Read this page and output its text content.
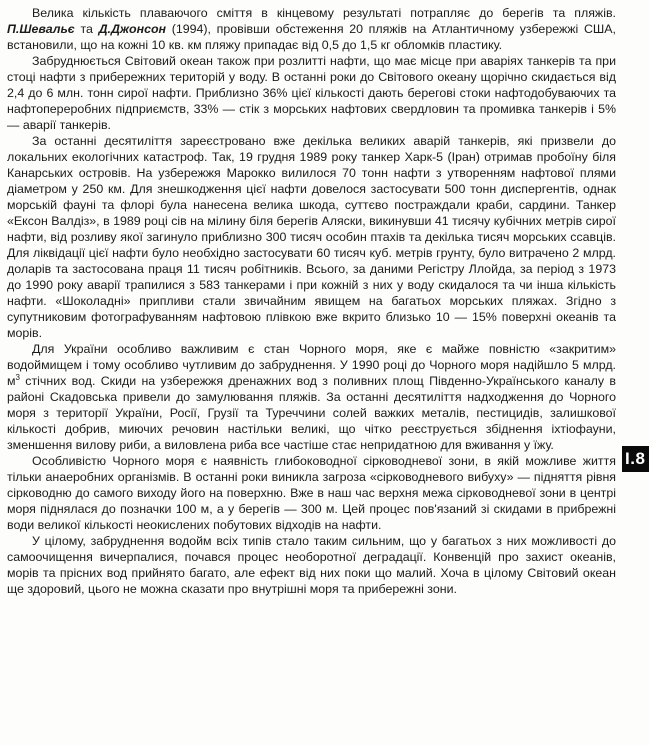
Велика кількість плаваючого сміття в кінцевому результаті потрапляє до берегів та пляжів. П.Шевальє та Д.Джонсон (1994), провівши обстеження 20 пляжів на Атлантичному узбережжі США, встановили, що на кожні 10 кв. км пляжу припадає від 0,5 до 1,5 кг обломків пластику.

Забруднюється Світовий океан також при розлитті нафти, що має місце при аваріях танкерів та при стоці нафти з прибережних територій у воду. В останні роки до Світового океану щорічно скидається від 2,4 до 6 млн. тонн сирої нафти. Приблизно 36% цієї кількості дають берегові стоки нафтодобуваючих та нафтопереробних підприємств, 33% — стік з морських нафтових свердловин та промивка танкерів і 5% — аварії танкерів.

За останні десятиліття зареєстровано вже декілька великих аварій танкерів, які призвели до локальних екологічних катастроф. Так, 19 грудня 1989 року танкер Харк-5 (Іран) отримав пробоїну біля Канарських островів. На узбережжя Марокко вилилося 70 тонн нафти з утворенням нафтової плями діаметром у 250 км. Для знешкодження цієї нафти довелося застосувати 500 тонн диспергентів, однак морській фауні та флорі була нанесена велика шкода, суттєво постраждали краби, сардини. Танкер «Ексон Валдіз», в 1989 році сів на мілину біля берегів Аляски, викинувши 41 тисячу кубічних метрів сирої нафти, від розливу якої загинуло приблизно 300 тисяч особин птахів та декілька тисяч морських ссавців. Для ліквідації цієї нафти було необхідно застосувати 60 тисяч куб. метрів грунту, було витрачено 2 млрд. доларів та застосована праця 11 тисяч робітників. Всього, за даними Регістру Ллойда, за період з 1973 до 1990 року аварії трапилися з 583 танкерами і при кожній з них у воду скидалося та чи інша кількість нафти. «Шоколадні» припливи стали звичайним явищем на багатьох морських пляжах. Згідно з супутниковим фотографуванням нафтовою плівкою вже вкрито близько 10 — 15% поверхні океанів та морів.

Для України особливо важливим є стан Чорного моря, яке є майже повністю «закритим» водоймищем і тому особливо чутливим до забруднення. У 1990 році до Чорного моря надійшло 5 млрд. $м^3$ стічних вод. Скиди на узбережжя дренажних вод з поливних площ Південно-Українського каналу в районі Скадовська привели до замулювання пляжів. За останні десятиліття надходження до Чорного моря з території України, Росії, Грузії та Туреччини солей важких металів, пестицидів, залишкової кількості добрив, миючих речовин настільки великі, що чітко реєструється збіднення іхтіофауни, зменшення вилову риби, а виловлена риба все частіше стає непридатною для вживання у їжу.

Особливістю Чорного моря є наявність глибоководної сірководневої зони, в якій можливе життя тільки анаеробних організмів. В останні роки виникла загроза «сірководневого вибуху» — підняття рівня сірководню до самого виходу його на поверхню. Вже в наш час верхня межа сірководневої зони в центрі моря піднялася до позначки 100 м, а у берегів — 300 м. Цей процес пов'язаний зі скидами в прибрежні води великої кількості неокислених побутових відходів на нафти.

У цілому, забруднення водойм всіх типів стало таким сильним, що у багатьох з них можливості до самоочищення вичерпалися, почався процес необоротної деградації. Конвенцій про захист океанів, морів та прісних вод прийнято багато, але ефект від них поки що малий. Хоча в цілому Світовий океан ще здоровий, цього не можна сказати про внутрішні моря та прибережні зони.

І.8
